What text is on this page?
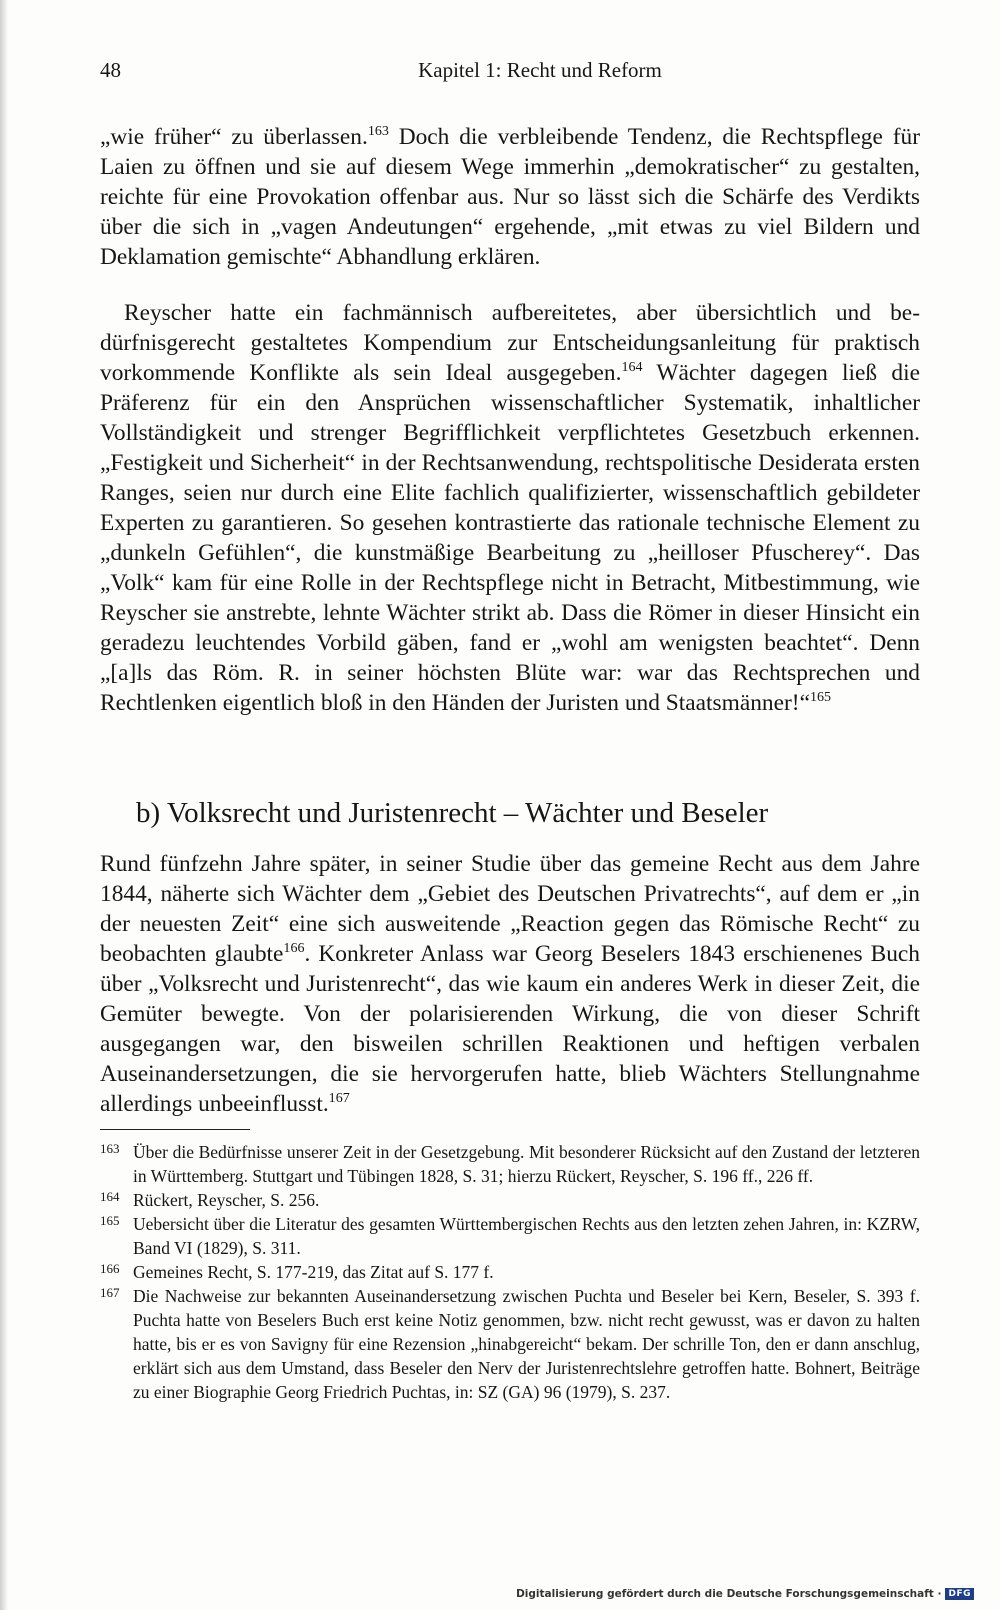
48	Kapitel 1: Recht und Reform
„wie früher“ zu überlassen.$^{163}$ Doch die verbleibende Tendenz, die Rechtspflege für Laien zu öffnen und sie auf diesem Wege immerhin „demokratischer“ zu gestalten, reichte für eine Provokation offenbar aus. Nur so lässt sich die Schärfe des Verdikts über die sich in „vagen Andeutungen“ ergehende, „mit etwas zu viel Bildern und Deklamation gemischte“ Abhandlung erklären.
Reyscher hatte ein fachmännisch aufbereitetes, aber übersichtlich und bedürfnisgerecht gestaltetes Kompendium zur Entscheidungsanleitung für praktisch vorkommende Konflikte als sein Ideal ausgegeben.$^{164}$ Wächter dagegen ließ die Präferenz für ein den Ansprüchen wissenschaftlicher Systematik, inhaltlicher Vollständigkeit und strenger Begrifflichkeit verpflichtetes Gesetzbuch erkennen. „Festigkeit und Sicherheit“ in der Rechtsanwendung, rechtspolitische Desiderata ersten Ranges, seien nur durch eine Elite fachlich qualifizierter, wissenschaftlich gebildeter Experten zu garantieren. So gesehen kontrastierte das rationale technische Element zu „dunkeln Gefühlen“, die kunstmäßige Bearbeitung zu „heilloser Pfuscherey“. Das „Volk“ kam für eine Rolle in der Rechtspflege nicht in Betracht, Mitbestimmung, wie Reyscher sie anstrebte, lehnte Wächter strikt ab. Dass die Römer in dieser Hinsicht ein geradezu leuchtendes Vorbild gäben, fand er „wohl am wenigsten beachtet“. Denn „[a]ls das Röm. R. in seiner höchsten Blüte war: war das Rechtsprechen und Rechtlenken eigentlich bloß in den Händen der Juristen und Staatsmänner!“$^{165}$
b) Volksrecht und Juristenrecht – Wächter und Beseler
Rund fünfzehn Jahre später, in seiner Studie über das gemeine Recht aus dem Jahre 1844, näherte sich Wächter dem „Gebiet des Deutschen Privatrechts“, auf dem er „in der neuesten Zeit“ eine sich ausweitende „Reaction gegen das Römische Recht“ zu beobachten glaubte$^{166}$. Konkreter Anlass war Georg Beselers 1843 erschienenes Buch über „Volksrecht und Juristenrecht“, das wie kaum ein anderes Werk in dieser Zeit, die Gemüter bewegte. Von der polarisierenden Wirkung, die von dieser Schrift ausgegangen war, den bisweilen schrillen Reaktionen und heftigen verbalen Auseinandersetzungen, die sie hervorgerufen hatte, blieb Wächters Stellungnahme allerdings unbeeinflusst.$^{167}$
163 Über die Bedürfnisse unserer Zeit in der Gesetzgebung. Mit besonderer Rücksicht auf den Zustand der letzteren in Württemberg. Stuttgart und Tübingen 1828, S. 31; hierzu Rückert, Reyscher, S. 196 ff., 226 ff.
164 Rückert, Reyscher, S. 256.
165 Uebersicht über die Literatur des gesamten Württembergischen Rechts aus den letzten zehen Jahren, in: KZRW, Band VI (1829), S. 311.
166 Gemeines Recht, S. 177-219, das Zitat auf S. 177 f.
167 Die Nachweise zur bekannten Auseinandersetzung zwischen Puchta und Beseler bei Kern, Beseler, S. 393 f. Puchta hatte von Beselers Buch erst keine Notiz genommen, bzw. nicht recht gewusst, was er davon zu halten hatte, bis er es von Savigny für eine Rezension „hinabgereicht“ bekam. Der schrille Ton, den er dann anschlug, erklärt sich aus dem Umstand, dass Beseler den Nerv der Juristenrechtslehre getroffen hatte. Bohnert, Beiträge zu einer Biographie Georg Friedrich Puchtas, in: SZ (GA) 96 (1979), S. 237.
Digitalisierung gefördert durch die Deutsche Forschungsgemeinschaft · DFG
